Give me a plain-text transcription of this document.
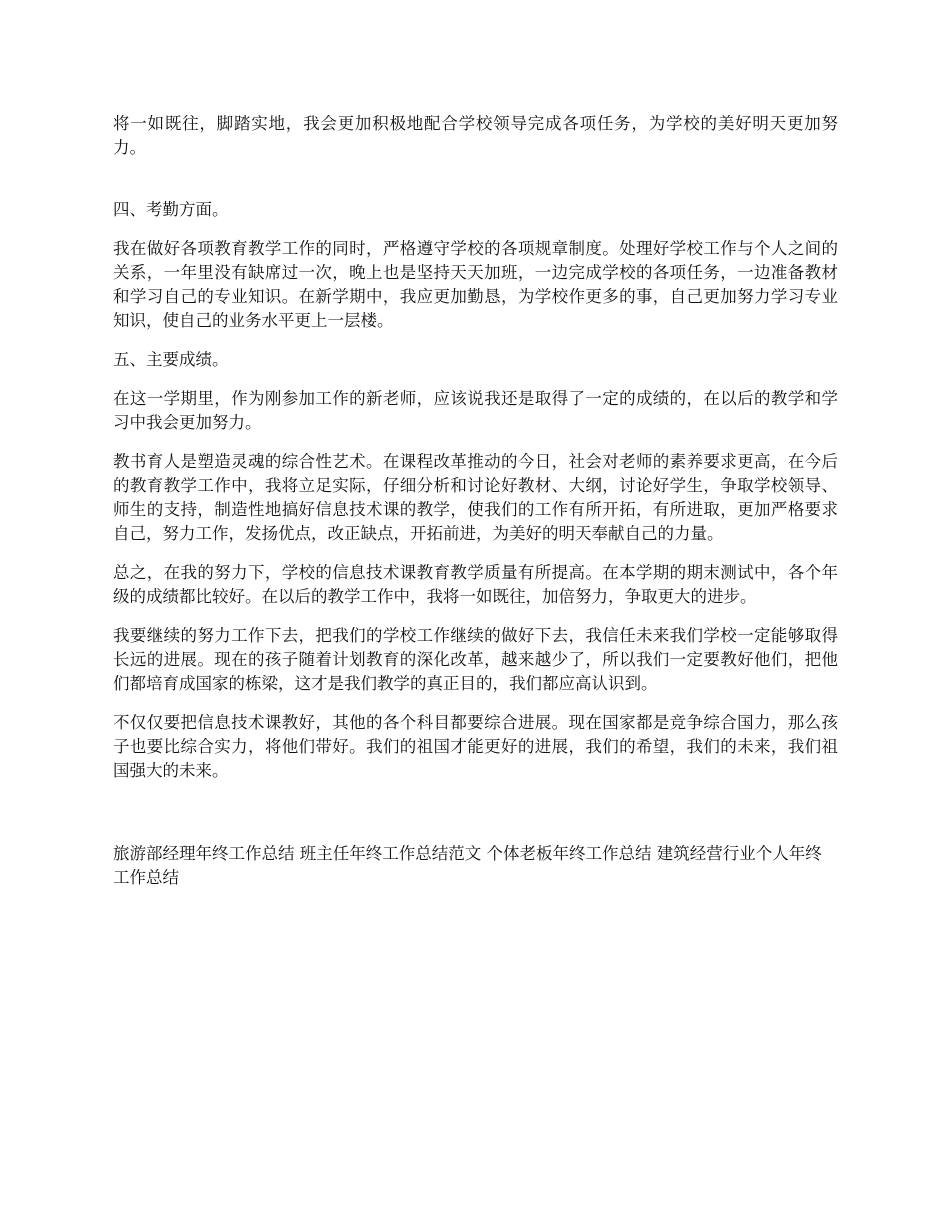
将一如既往，脚踏实地，我会更加积极地配合学校领导完成各项任务，为学校的美好明天更加努力。

四、考勤方面。

我在做好各项教育教学工作的同时，严格遵守学校的各项规章制度。处理好学校工作与个人之间的关系，一年里没有缺席过一次，晚上也是坚持天天加班，一边完成学校的各项任务，一边准备教材和学习自己的专业知识。在新学期中，我应更加勤恳，为学校作更多的事，自己更加努力学习专业知识，使自己的业务水平更上一层楼。

五、主要成绩。

在这一学期里，作为刚参加工作的新老师，应该说我还是取得了一定的成绩的，在以后的教学和学习中我会更加努力。

教书育人是塑造灵魂的综合性艺术。在课程改革推动的今日，社会对老师的素养要求更高，在今后的教育教学工作中，我将立足实际，仔细分析和讨论好教材、大纲，讨论好学生，争取学校领导、师生的支持，制造性地搞好信息技术课的教学，使我们的工作有所开拓，有所进取，更加严格要求自己，努力工作，发扬优点，改正缺点，开拓前进，为美好的明天奉献自己的力量。

总之，在我的努力下，学校的信息技术课教育教学质量有所提高。在本学期的期末测试中，各个年级的成绩都比较好。在以后的教学工作中，我将一如既往，加倍努力，争取更大的进步。

我要继续的努力工作下去，把我们的学校工作继续的做好下去，我信任未来我们学校一定能够取得长远的进展。现在的孩子随着计划教育的深化改革，越来越少了，所以我们一定要教好他们，把他们都培育成国家的栋梁，这才是我们教学的真正目的，我们都应高认识到。

不仅仅要把信息技术课教好，其他的各个科目都要综合进展。现在国家都是竞争综合国力，那么孩子也要比综合实力，将他们带好。我们的祖国才能更好的进展，我们的希望，我们的未来，我们祖国强大的未来。

旅游部经理年终工作总结 班主任年终工作总结范文 个体老板年终工作总结 建筑经营行业个人年终工作总结
